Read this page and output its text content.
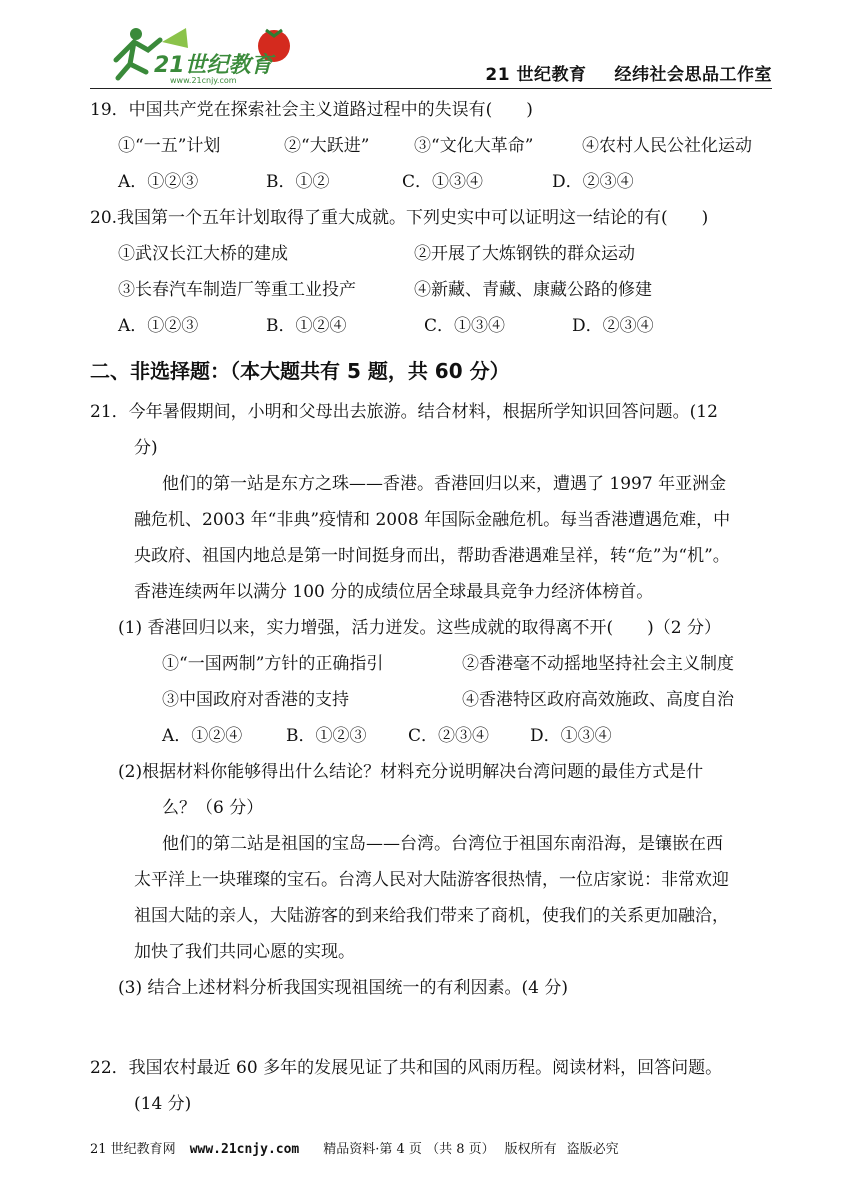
21世纪教育
www.21cnjy.com	21 世纪教育 经纬社会思品工作室
19．中国共产党在探索社会主义道路过程中的失误有(　　)
①“一五”计划	②“大跃进”	③“文化大革命”	④农村人民公社化运动
A．①②③	B．①②	C．①③④	D．②③④
20.我国第一个五年计划取得了重大成就。下列史实中可以证明这一结论的有(　　)
①武汉长江大桥的建成	②开展了大炼钢铁的群众运动
③长春汽车制造厂等重工业投产	④新藏、青藏、康藏公路的修建
A．①②③	B．①②④	C．①③④	D．②③④
二、非选择题：（本大题共有 5 题，共 60 分）
21．今年暑假期间，小明和父母出去旅游。结合材料，根据所学知识回答问题。(12
分)
他们的第一站是东方之珠——香港。香港回归以来，遭遇了 1997 年亚洲金
融危机、2003 年“非典”疫情和 2008 年国际金融危机。每当香港遭遇危难，中
央政府、祖国内地总是第一时间挺身而出，帮助香港遇难呈祥，转“危”为“机”。
香港连续两年以满分 100 分的成绩位居全球最具竞争力经济体榜首。
(1) 香港回归以来，实力增强，活力迸发。这些成就的取得离不开(　　)（2 分）
①“一国两制”方针的正确指引	②香港毫不动摇地坚持社会主义制度
③中国政府对香港的支持	④香港特区政府高效施政、高度自治
A．①②④	B．①②③ C．②③④ D．①③④
(2)根据材料你能够得出什么结论？材料充分说明解决台湾问题的最佳方式是什
么？（6 分）
他们的第二站是祖国的宝岛——台湾。台湾位于祖国东南沿海，是镶嵌在西
太平洋上一块璀璨的宝石。台湾人民对大陆游客很热情，一位店家说：非常欢迎
祖国大陆的亲人，大陆游客的到来给我们带来了商机，使我们的关系更加融洽，
加快了我们共同心愿的实现。
(3) 结合上述材料分析我国实现祖国统一的有利因素。(4 分)
22．我国农村最近 60 多年的发展见证了共和国的风雨历程。阅读材料，回答问题。
(14 分)
21 世纪教育网 www.21cnjy.com 精品资料·第 4 页 （共 8 页） 版权所有 盗版必究
